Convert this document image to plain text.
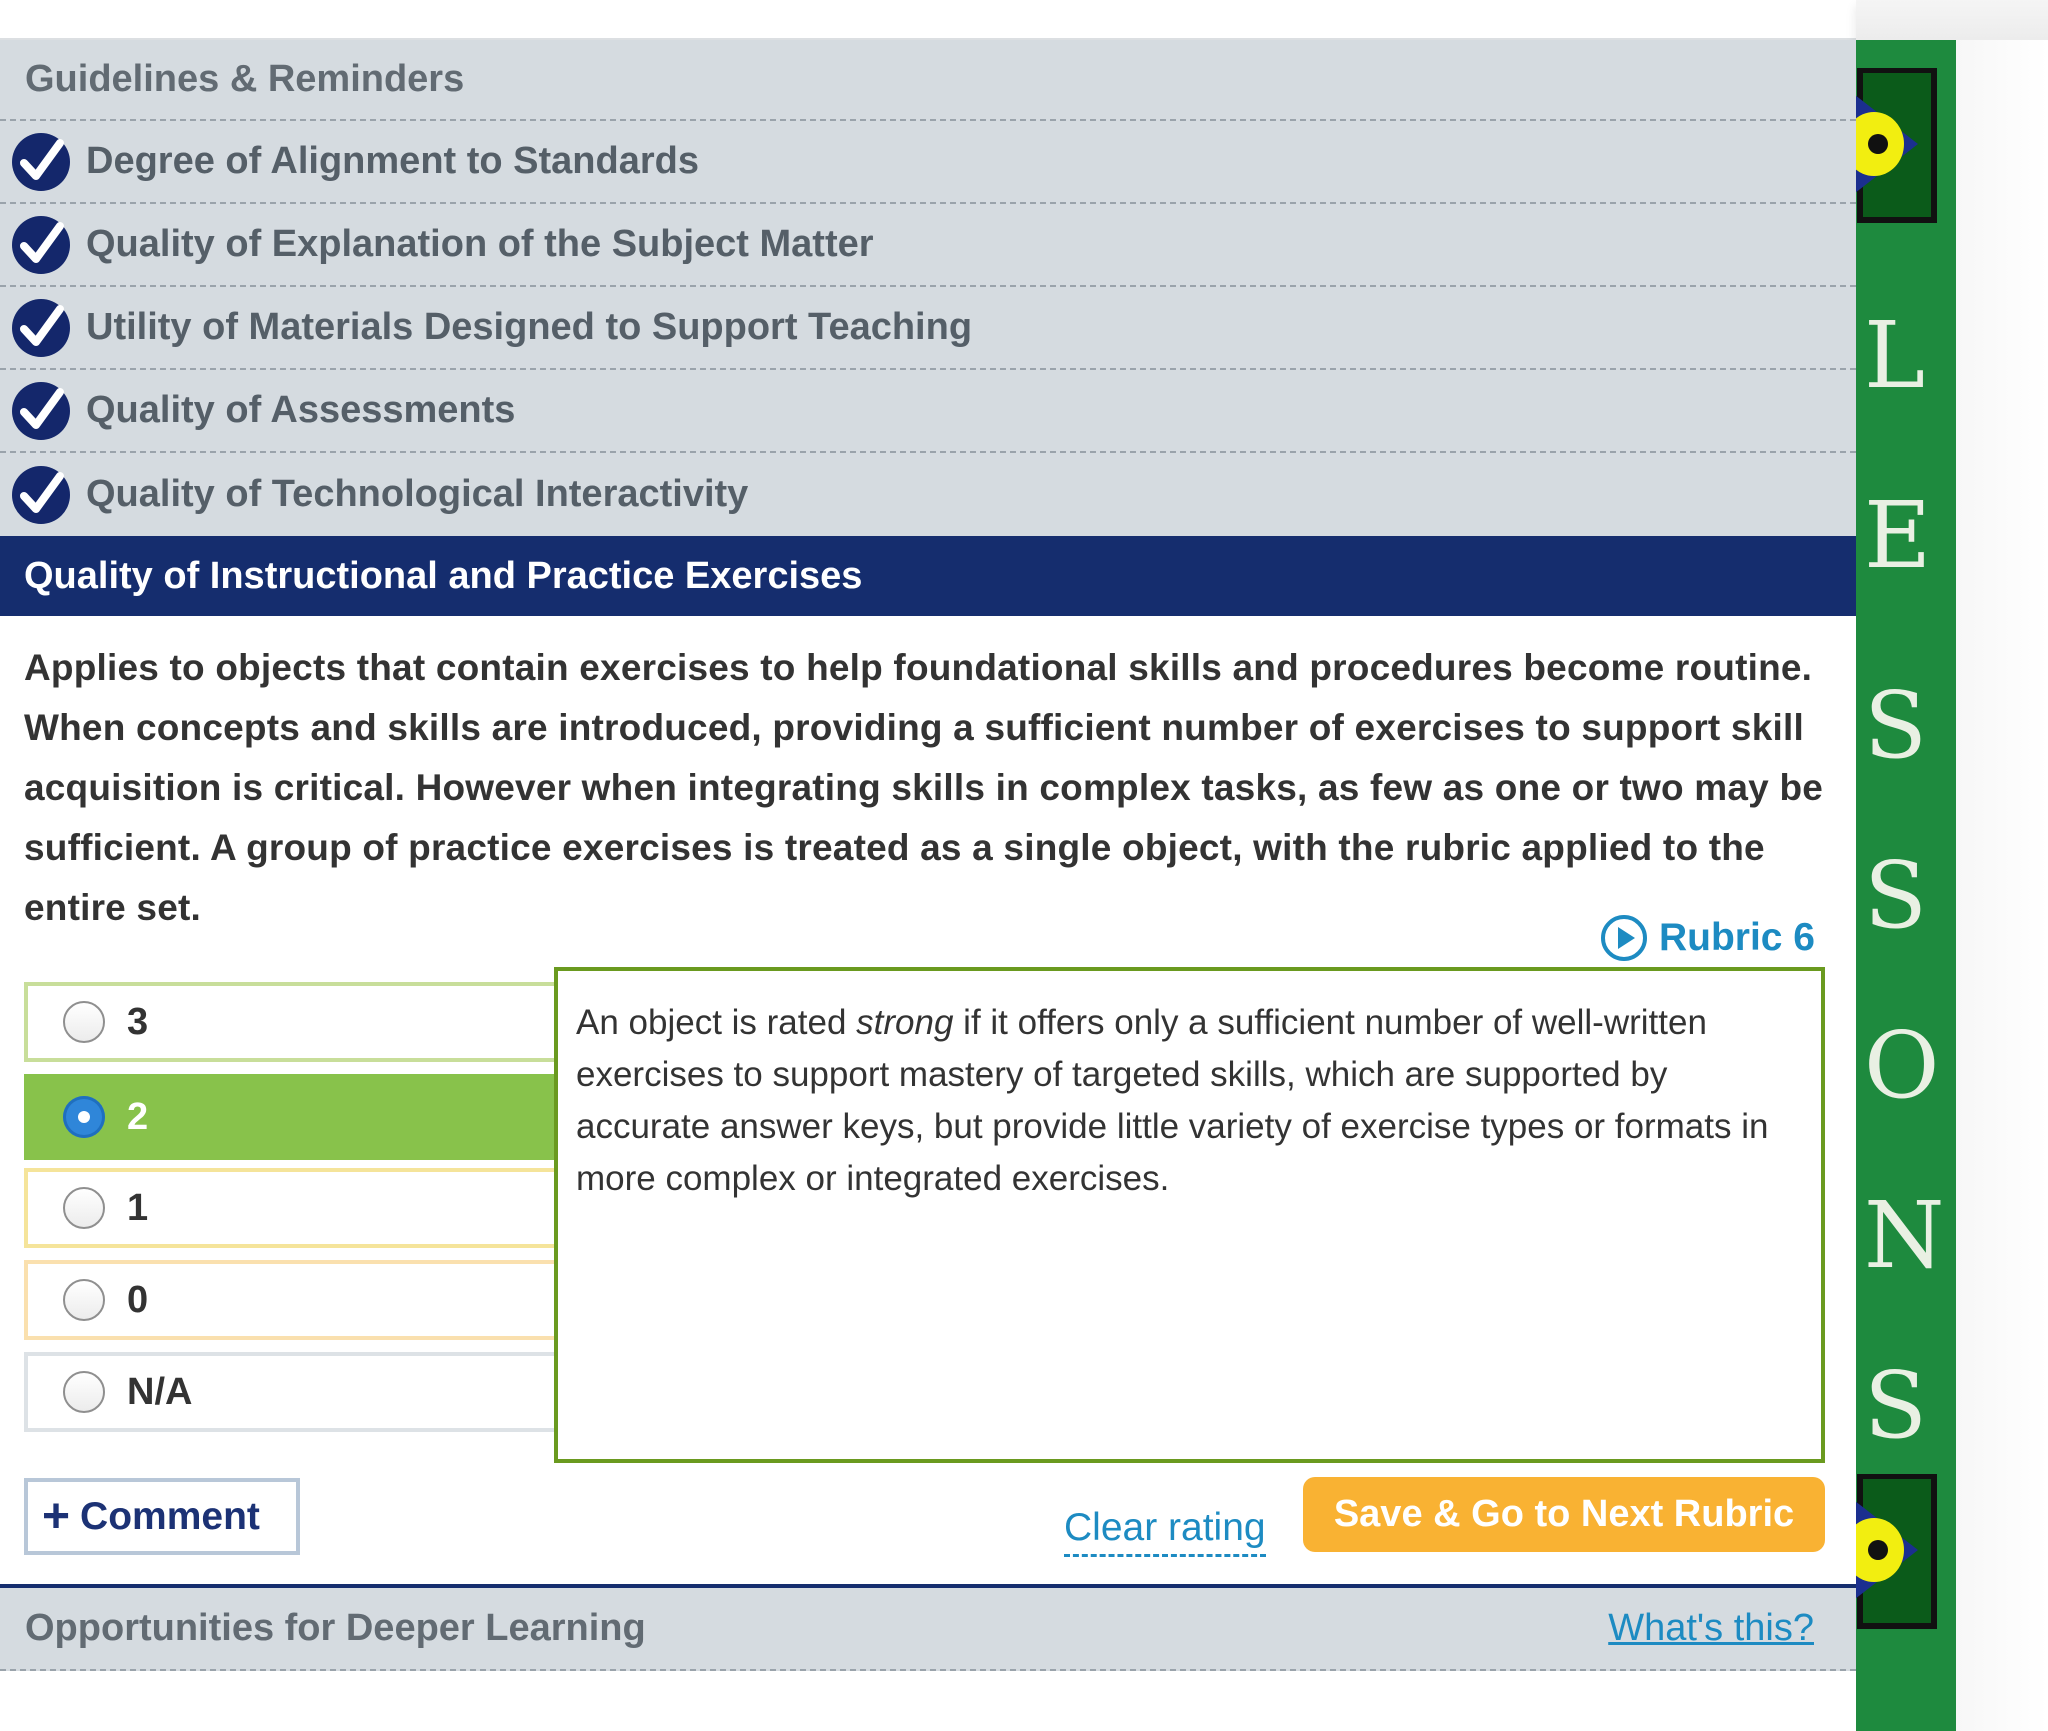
L
E
S
S
O
N
S
Guidelines & Reminders
Degree of Alignment to Standards
Quality of Explanation of the Subject Matter
Utility of Materials Designed to Support Teaching
Quality of Assessments
Quality of Technological Interactivity
Quality of Instructional and Practice Exercises
Applies to objects that contain exercises to help foundational skills and procedures become routine. When concepts and skills are introduced, providing a sufficient number of exercises to support skill acquisition is critical. However when integrating skills in complex tasks, as few as one or two may be sufficient. A group of practice exercises is treated as a single object, with the rubric applied to the entire set.
Rubric 6
3
2
1
0
N/A
An object is rated strong if it offers only a sufficient number of well-written exercises to support mastery of targeted skills, which are supported by accurate answer keys, but provide little variety of exercise types or formats in more complex or integrated exercises.
+ Comment	Clear rating Save & Go to Next Rubric
Opportunities for Deeper Learning	What's this?
